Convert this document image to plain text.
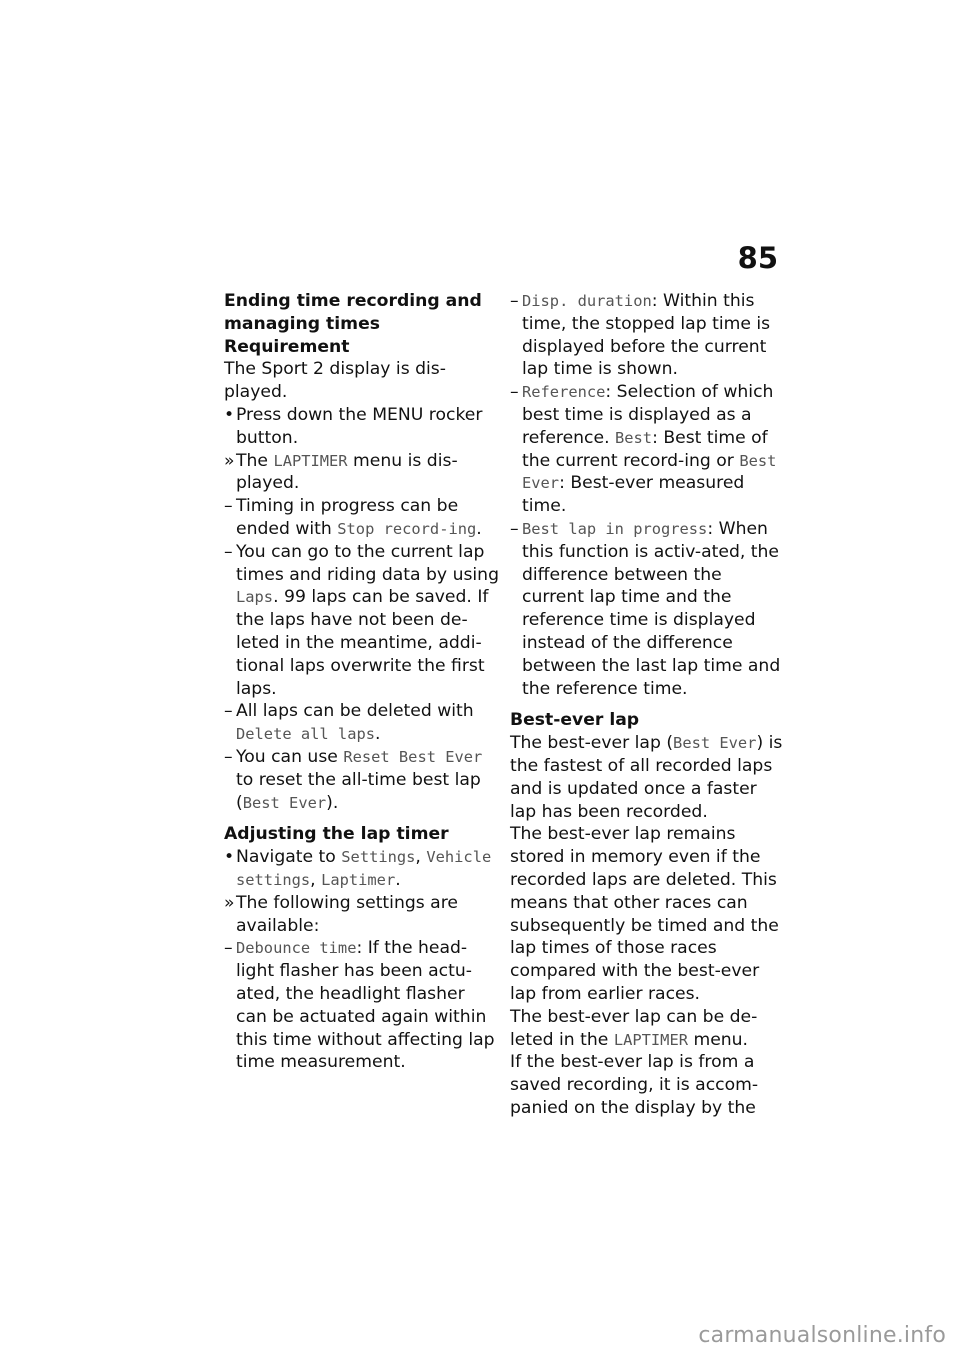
85
Ending time recording and
managing times
Requirement
The Sport 2 display is dis-played.
• Press down the MENU rocker button.
» The LAPTIMER menu is dis-played.
– Timing in progress can be ended with Stop record-ing.
– You can go to the current lap times and riding data by using Laps. 99 laps can be saved. If the laps have not been de-leted in the meantime, addi-tional laps overwrite the first laps.
– All laps can be deleted with Delete all laps.
– You can use Reset Best Ever to reset the all-time best lap (Best Ever).
Adjusting the lap timer
• Navigate to Settings, Vehicle settings, Laptimer.
» The following settings are available:
– Debounce time: If the head-light flasher has been actu-ated, the headlight flasher can be actuated again within this time without affecting lap time measurement.
– Disp. duration: Within this time, the stopped lap time is displayed before the current lap time is shown.
– Reference: Selection of which best time is displayed as a reference. Best: Best time of the current record-ing or Best Ever: Best-ever measured time.
– Best lap in progress: When this function is activ-ated, the difference between the current lap time and the reference time is displayed instead of the difference between the last lap time and the reference time.
Best-ever lap
The best-ever lap (Best Ever) is the fastest of all recorded laps and is updated once a faster lap has been recorded.
The best-ever lap remains stored in memory even if the recorded laps are deleted. This means that other races can subsequently be timed and the lap times of those races compared with the best-ever lap from earlier races.
The best-ever lap can be de-leted in the LAPTIMER menu.
If the best-ever lap is from a saved recording, it is accom-panied on the display by the
carmanualsonline.info
